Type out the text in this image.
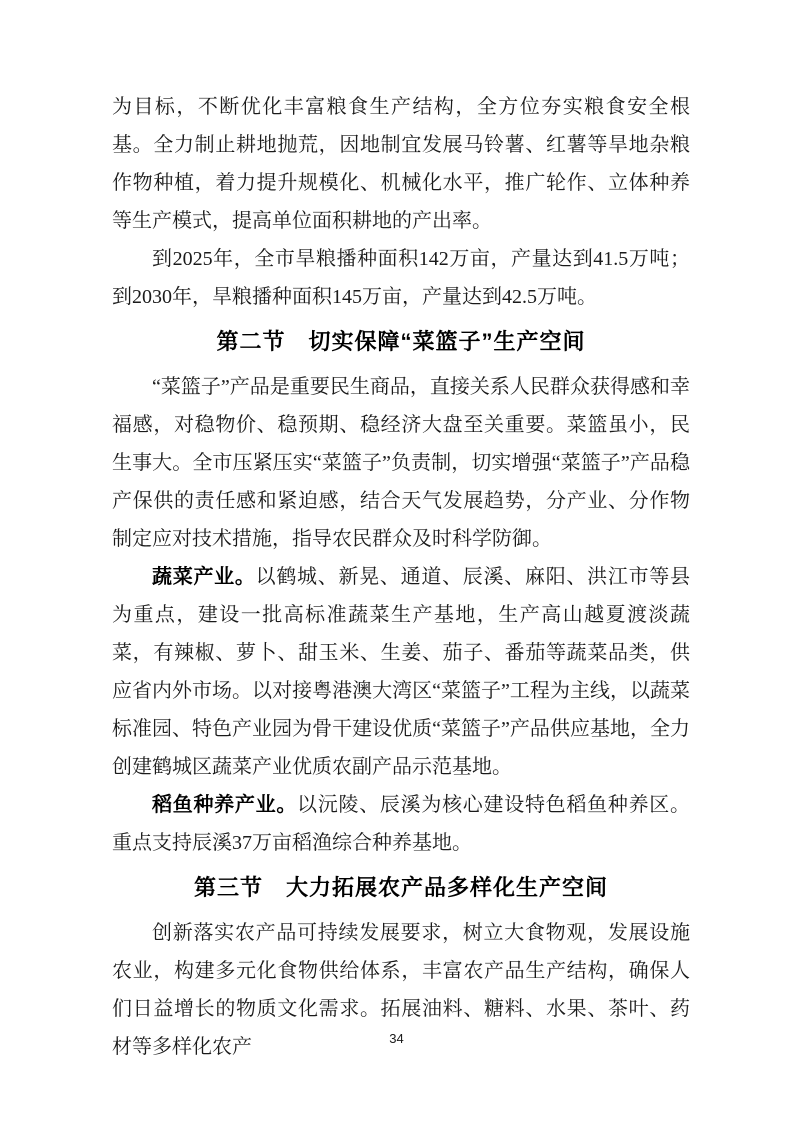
为目标，不断优化丰富粮食生产结构，全方位夯实粮食安全根基。全力制止耕地抛荒，因地制宜发展马铃薯、红薯等旱地杂粮作物种植，着力提升规模化、机械化水平，推广轮作、立体种养等生产模式，提高单位面积耕地的产出率。

到2025年，全市旱粮播种面积142万亩，产量达到41.5万吨；到2030年，旱粮播种面积145万亩，产量达到42.5万吨。

第二节　切实保障“菜篮子”生产空间

“菜篮子”产品是重要民生商品，直接关系人民群众获得感和幸福感，对稳物价、稳预期、稳经济大盘至关重要。菜篮虽小，民生事大。全市压紧压实“菜篮子”负责制，切实增强“菜篮子”产品稳产保供的责任感和紧迫感，结合天气发展趋势，分产业、分作物制定应对技术措施，指导农民群众及时科学防御。

蔬菜产业。以鹤城、新晃、通道、辰溪、麻阳、洪江市等县为重点，建设一批高标准蔬菜生产基地，生产高山越夏渡淡蔬菜，有辣椒、萝卜、甜玉米、生姜、茄子、番茄等蔬菜品类，供应省内外市场。以对接粤港澳大湾区“菜篮子”工程为主线，以蔬菜标准园、特色产业园为骨干建设优质“菜篮子”产品供应基地，全力创建鹤城区蔬菜产业优质农副产品示范基地。

稻鱼种养产业。以沅陵、辰溪为核心建设特色稻鱼种养区。重点支持辰溪37万亩稻渔综合种养基地。

第三节　大力拓展农产品多样化生产空间

创新落实农产品可持续发展要求，树立大食物观，发展设施农业，构建多元化食物供给体系，丰富农产品生产结构，确保人们日益增长的物质文化需求。拓展油料、糖料、水果、茶叶、药材等多样化农产	34
